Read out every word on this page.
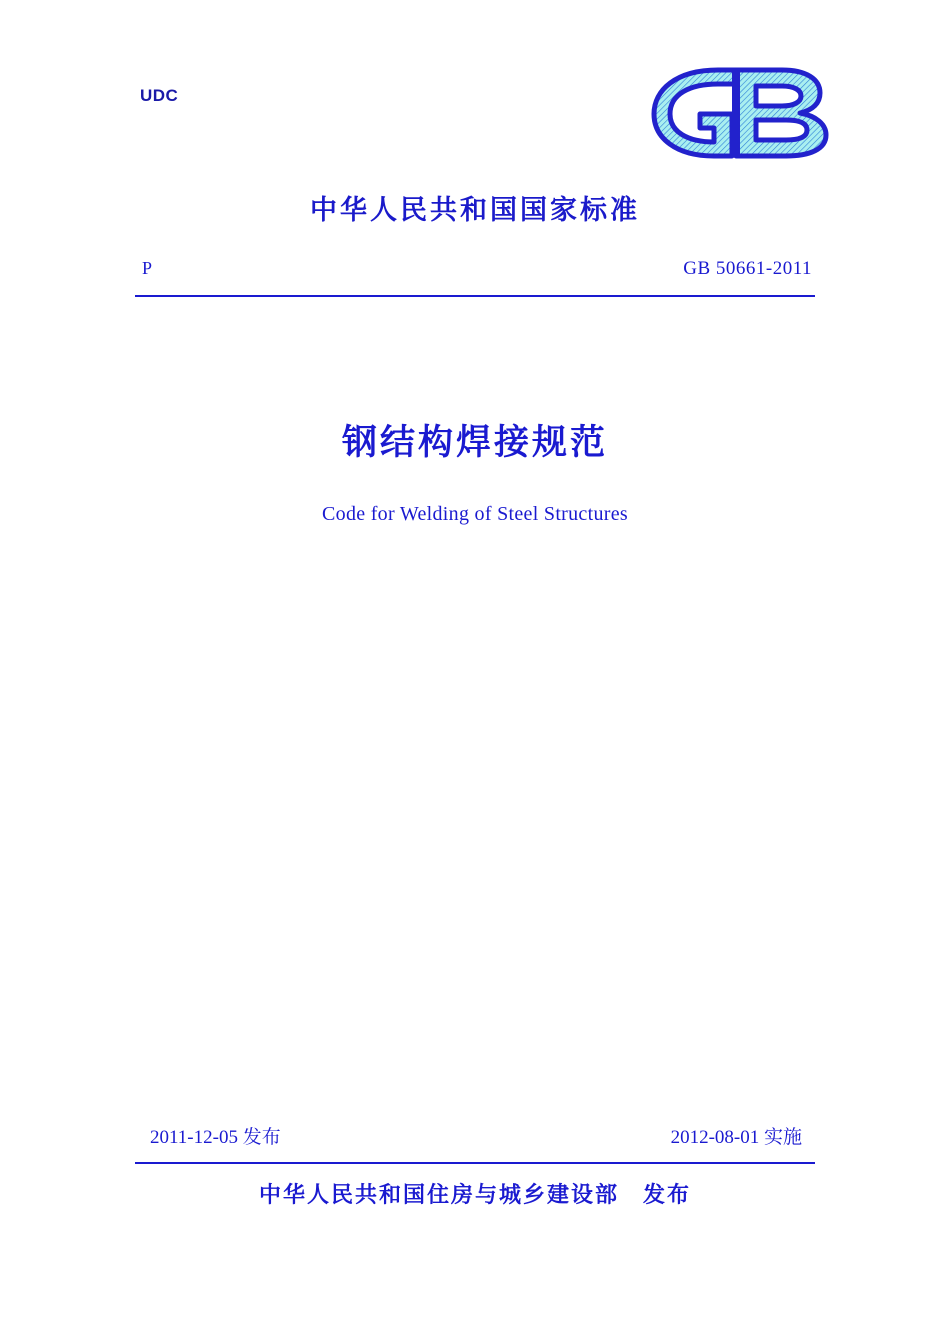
UDC
中华人民共和国国家标准
P	GB 50661-2011
钢结构焊接规范
Code for Welding of Steel Structures
2011-12-05 发布	2012-08-01 实施
中华人民共和国住房与城乡建设部　发布
